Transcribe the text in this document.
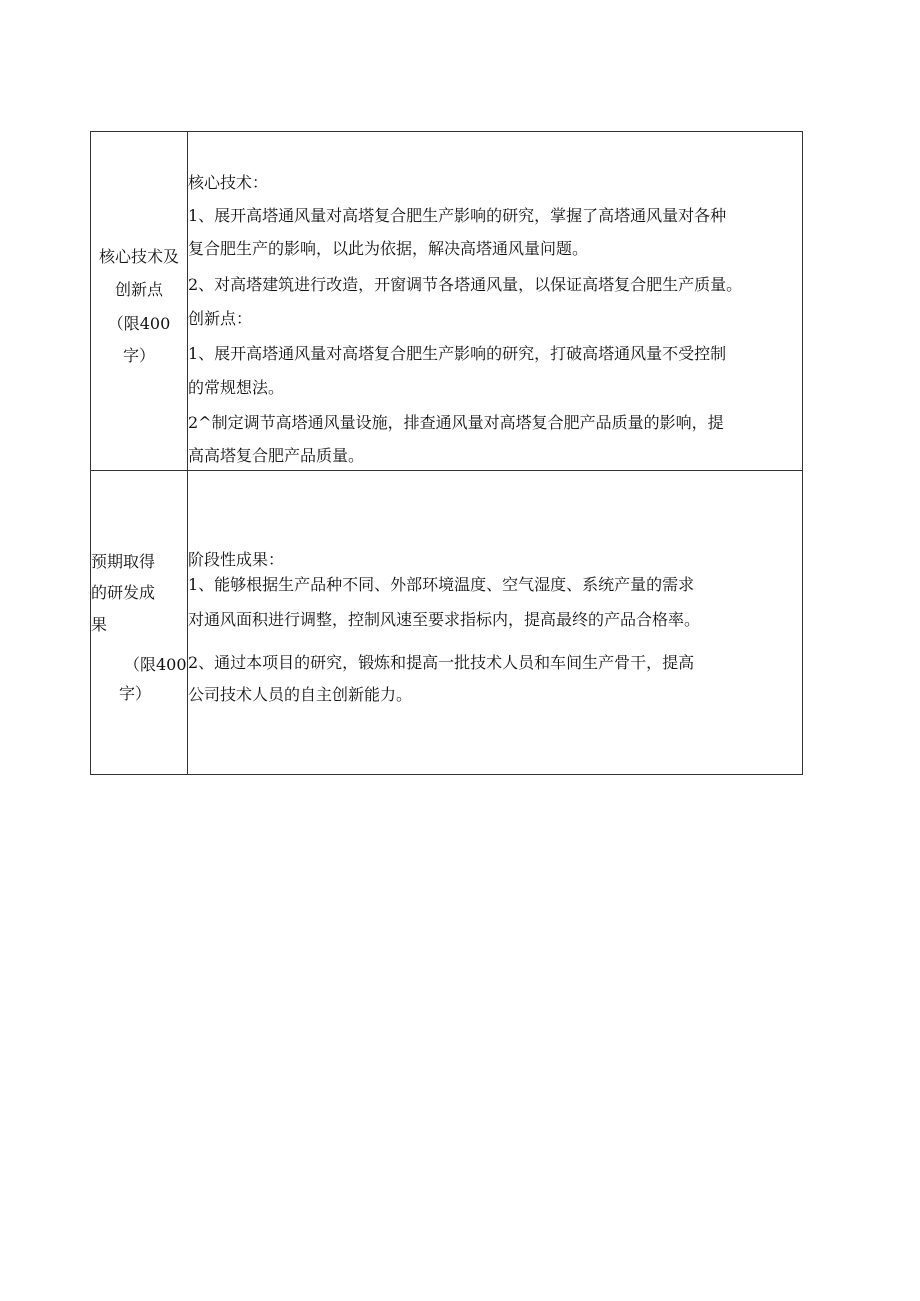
核心技术及

创新点

（限400

字）

核心技术：

1、展开高塔通风量对高塔复合肥生产影响的研究，掌握了高塔通风量对各种

复合肥生产的影响，以此为依据，解决高塔通风量问题。

2、对高塔建筑进行改造，开窗调节各塔通风量，以保证高塔复合肥生产质量。

创新点：

1、展开高塔通风量对高塔复合肥生产影响的研究，打破高塔通风量不受控制

的常规想法。

2^制定调节高塔通风量设施，排查通风量对高塔复合肥产品质量的影响，提

高高塔复合肥产品质量。

预期取得

的研发成

果

（限400

字）

阶段性成果：

1、能够根据生产品种不同、外部环境温度、空气湿度、系统产量的需求

对通风面积进行调整，控制风速至要求指标内，提高最终的产品合格率。

2、通过本项目的研究，锻炼和提高一批技术人员和车间生产骨干，提高

公司技术人员的自主创新能力。
